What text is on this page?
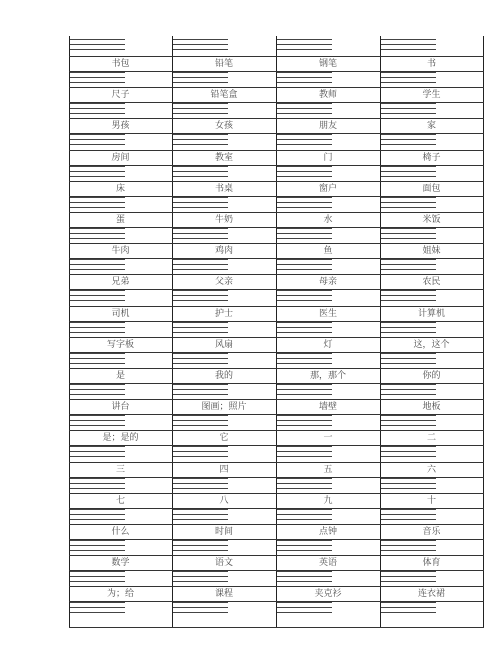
书包	铅笔	钢笔	书
尺子	铅笔盒	教师	学生
男孩	女孩	朋友	家
房间	教室	门	椅子
床	书桌	窗户	面包
蛋	牛奶	水	米饭
牛肉	鸡肉	鱼	姐妹
兄弟	父亲	母亲	农民
司机	护士	医生	计算机
写字板	风扇	灯	这，这个
是	我的	那，那个	你的
讲台	图画；照片	墙壁	地板
是；是的	它	一	二
三	四	五	六
七	八	九	十
什么	时间	点钟	音乐
数学	语文	英语	体育
为；给	课程	夹克衫	连衣裙
